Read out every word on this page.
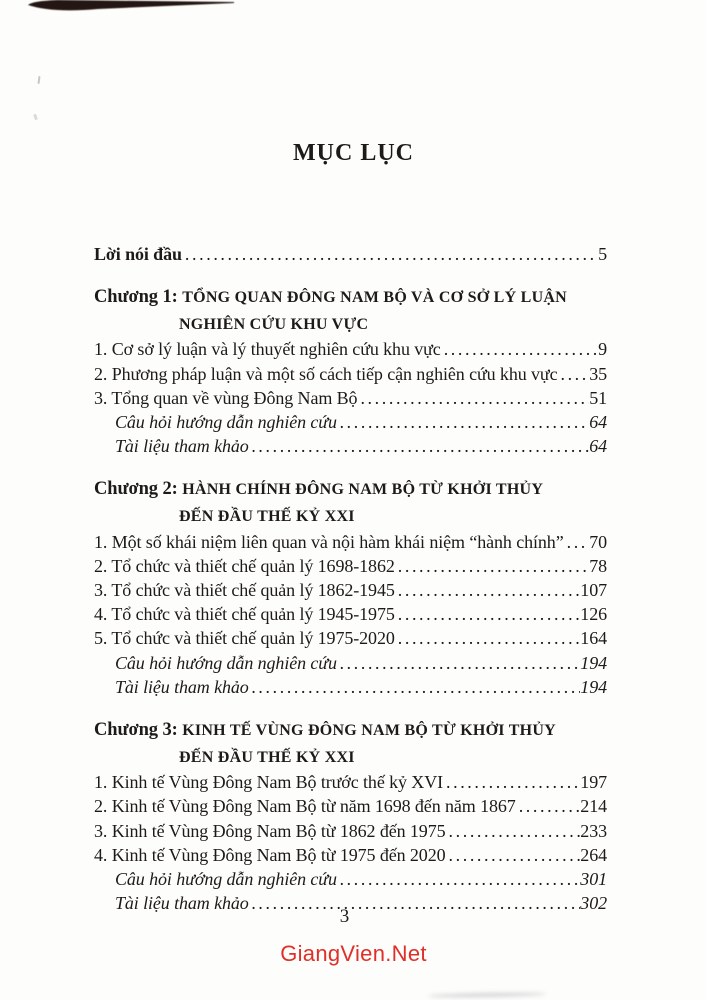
MỤC LỤC
Lời nói đầu .....	5
Chương 1: TỔNG QUAN ĐÔNG NAM BỘ VÀ CƠ SỞ LÝ LUẬN
NGHIÊN CỨU KHU VỰC
1. Cơ sở lý luận và lý thuyết nghiên cứu khu vực .....	9
2. Phương pháp luận và một số cách tiếp cận nghiên cứu khu vực ..... 35
3. Tổng quan về vùng Đông Nam Bộ .....	51
Câu hỏi hướng dẫn nghiên cứu .....	64
Tài liệu tham khảo .....	64
Chương 2: HÀNH CHÍNH ĐÔNG NAM BỘ TỪ KHỞI THỦY
ĐẾN ĐẦU THẾ KỶ XXI
1. Một số khái niệm liên quan và nội hàm khái niệm “hành chính” ..... 70
2. Tổ chức và thiết chế quản lý 1698-1862 .....	78
3. Tổ chức và thiết chế quản lý 1862-1945 .....	107
4. Tổ chức và thiết chế quản lý 1945-1975 .....	126
5. Tổ chức và thiết chế quản lý 1975-2020 .....	164
Câu hỏi hướng dẫn nghiên cứu .....	194
Tài liệu tham khảo .....	194
Chương 3: KINH TẾ VÙNG ĐÔNG NAM BỘ TỪ KHỞI THỦY
ĐẾN ĐẦU THẾ KỶ XXI
1. Kinh tế Vùng Đông Nam Bộ trước thế kỷ XVI .....	197
2. Kinh tế Vùng Đông Nam Bộ từ năm 1698 đến năm 1867 .....	214
3. Kinh tế Vùng Đông Nam Bộ từ 1862 đến 1975 .....	233
4. Kinh tế Vùng Đông Nam Bộ từ 1975 đến 2020 .....	264
Câu hỏi hướng dẫn nghiên cứu .....	301
Tài liệu tham khảo .....	302
3
GiangVien.Net
